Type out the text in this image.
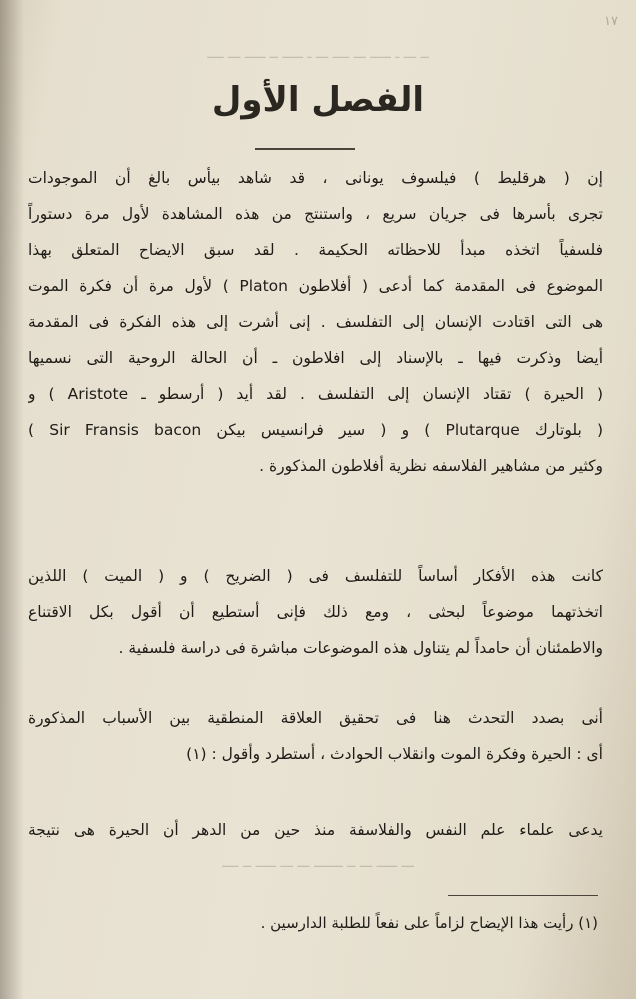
۱۷
ــ ـــ ـ ـــــ ـــ ــــ ـــ ـ ـــــ ــ ـــــ ـــ ــــ
الفصل الأول
إن ( هرقليط ) فيلسوف يونانى ، قد شاهد بيأس بالغ أن الموجودات
تجرى بأسرها فى جريان سريع ، واستنتج من هذه المشاهدة لأول مرة دستوراً
فلسفياً اتخذه مبدأ للاحظاته الحكيمة . لقد سبق الايضاح المتعلق بهذا
الموضوع فى المقدمة كما أدعى ( أفلاطون Platon ) لأول مرة أن فكرة الموت
هى التى اقتادت الإنسان إلى التفلسف . إنى أشرت إلى هذه الفكرة فى المقدمة
أيضا وذكرت فيها ـ بالإسناد إلى افلاطون ـ أن الحالة الروحية التى نسميها
( الحيرة ) تقتاد الإنسان إلى التفلسف . لقد أيد ( أرسطو ـ Aristote ) و
( بلوتارك Plutarque ) و ( سير فرانسيس بيكن Sir Fransis bacon )
وكثير من مشاهير الفلاسفه نظرية أفلاطون المذكورة .
كانت هذه الأفكار أساساً للتفلسف فى ( الضريح ) و ( الميت ) اللذين
اتخذتهما موضوعاً لبحثى ، ومع ذلك فإنى أستطيع أن أقول بكل الاقتناع
والاطمئنان أن حامداً لم يتناول هذه الموضوعات مباشرة فى دراسة فلسفية .
أنى بصدد التحدث هنا فى تحقيق العلاقة المنطقية بين الأسباب المذكورة
أى : الحيرة وفكرة الموت وانقلاب الحوادث ، أستطرد وأقول : (١)
يدعى علماء علم النفس والفلاسفة منذ حين من الدهر أن الحيرة هى نتيجة
ـــ ـــــ ـــ ــ ـــــــ ـــ ـــ ـــــ ــ ــــ
(١) رأيت هذا الإيضاح لزاماً على نفعاً للطلبة الدارسين .
